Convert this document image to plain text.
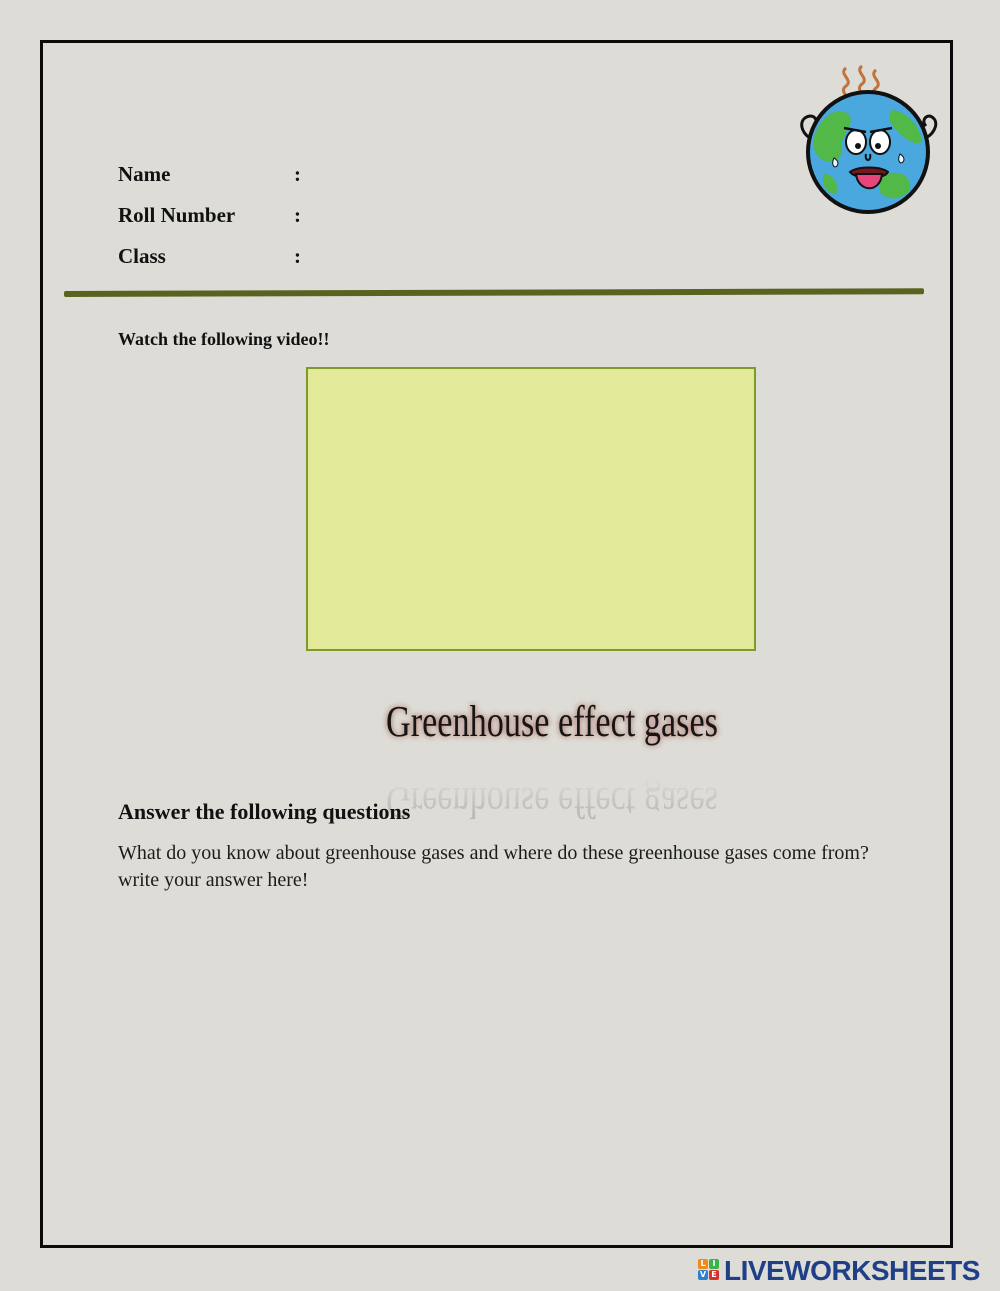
Name	:
Roll Number	:
Class	:
Watch the following video!!
Greenhouse effect gases
Greenhouse effect gases
Answer the following questions
What do you know about greenhouse gases and where do these greenhouse gases come from? write your answer here!
L I
V E LIVEWORKSHEETS
